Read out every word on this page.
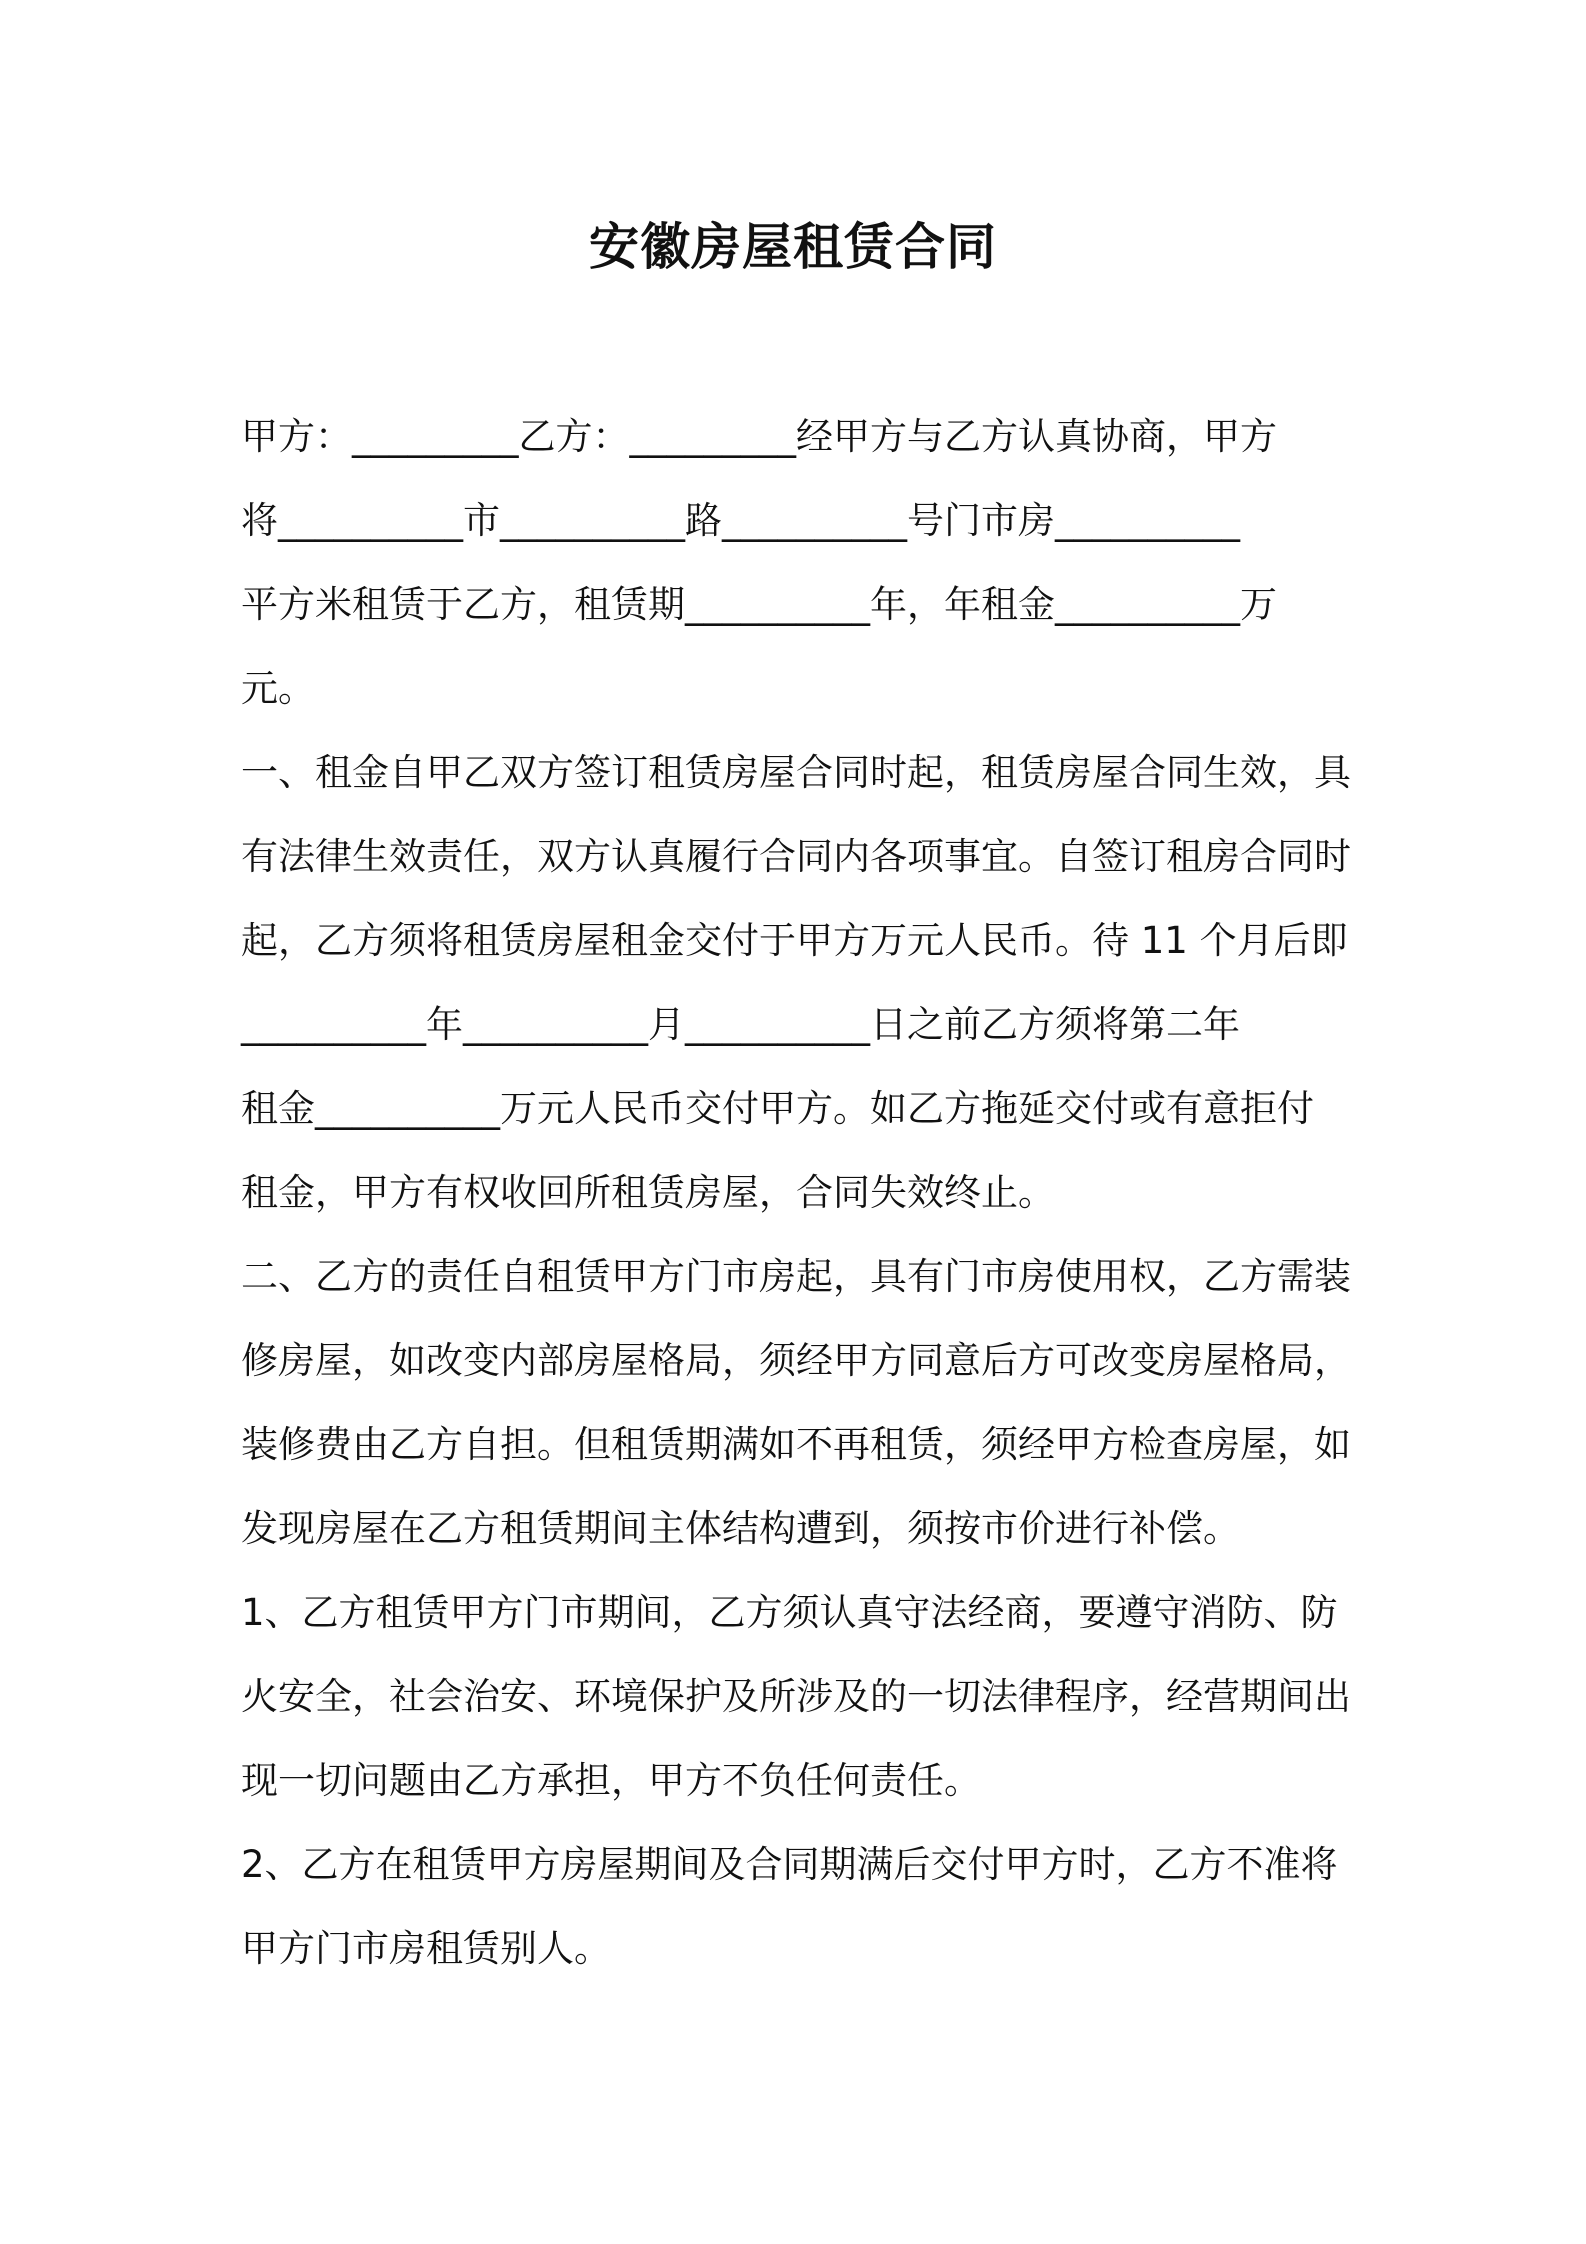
安徽房屋租赁合同

甲方：_________乙方：_________经甲方与乙方认真协商，甲方

将__________市__________路__________号门市房__________

平方米租赁于乙方，租赁期__________年，年租金__________万

元。

一、租金自甲乙双方签订租赁房屋合同时起，租赁房屋合同生效，具

有法律生效责任，双方认真履行合同内各项事宜。自签订租房合同时

起，乙方须将租赁房屋租金交付于甲方万元人民币。待 11 个月后即

__________年__________月__________日之前乙方须将第二年

租金__________万元人民币交付甲方。如乙方拖延交付或有意拒付

租金，甲方有权收回所租赁房屋，合同失效终止。

二、乙方的责任自租赁甲方门市房起，具有门市房使用权，乙方需装

修房屋，如改变内部房屋格局，须经甲方同意后方可改变房屋格局，

装修费由乙方自担。但租赁期满如不再租赁，须经甲方检查房屋，如

发现房屋在乙方租赁期间主体结构遭到，须按市价进行补偿。

1、乙方租赁甲方门市期间，乙方须认真守法经商，要遵守消防、防

火安全，社会治安、环境保护及所涉及的一切法律程序，经营期间出

现一切问题由乙方承担，甲方不负任何责任。

2、乙方在租赁甲方房屋期间及合同期满后交付甲方时，乙方不准将

甲方门市房租赁别人。
